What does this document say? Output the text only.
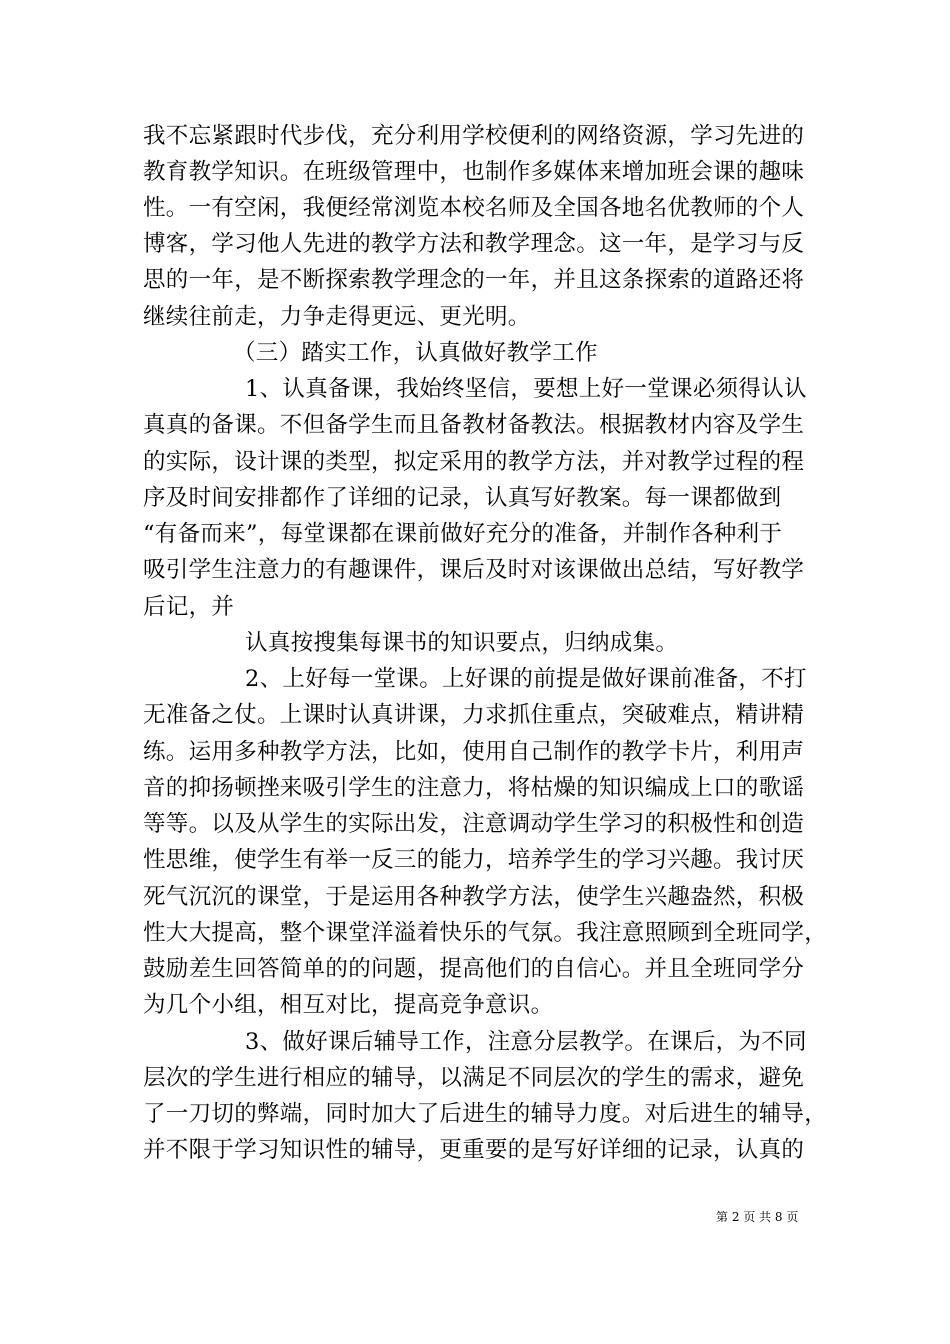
我不忘紧跟时代步伐，充分利用学校便利的网络资源，学习先进的
教育教学知识。在班级管理中，也制作多媒体来增加班会课的趣味
性。一有空闲，我便经常浏览本校名师及全国各地名优教师的个人
博客，学习他人先进的教学方法和教学理念。这一年，是学习与反
思的一年，是不断探索教学理念的一年，并且这条探索的道路还将
继续往前走，力争走得更远、更光明。
（三）踏实工作，认真做好教学工作
1、认真备课，我始终坚信，要想上好一堂课必须得认认
真真的备课。不但备学生而且备教材备教法。根据教材内容及学生
的实际，设计课的类型，拟定采用的教学方法，并对教学过程的程
序及时间安排都作了详细的记录，认真写好教案。每一课都做到
“有备而来”，每堂课都在课前做好充分的准备，并制作各种利于
吸引学生注意力的有趣课件，课后及时对该课做出总结，写好教学
后记，并
认真按搜集每课书的知识要点，归纳成集。
2、上好每一堂课。上好课的前提是做好课前准备，不打
无准备之仗。上课时认真讲课，力求抓住重点，突破难点，精讲精
练。运用多种教学方法，比如，使用自己制作的教学卡片，利用声
音的抑扬顿挫来吸引学生的注意力，将枯燥的知识编成上口的歌谣
等等。以及从学生的实际出发，注意调动学生学习的积极性和创造
性思维，使学生有举一反三的能力，培养学生的学习兴趣。我讨厌
死气沉沉的课堂，于是运用各种教学方法，使学生兴趣盎然，积极
性大大提高，整个课堂洋溢着快乐的气氛。我注意照顾到全班同学，
鼓励差生回答简单的的问题，提高他们的自信心。并且全班同学分
为几个小组，相互对比，提高竞争意识。
3、做好课后辅导工作，注意分层教学。在课后，为不同
层次的学生进行相应的辅导，以满足不同层次的学生的需求，避免
了一刀切的弊端，同时加大了后进生的辅导力度。对后进生的辅导，
并不限于学习知识性的辅导，更重要的是写好详细的记录，认真的
第 2 页 共 8 页
